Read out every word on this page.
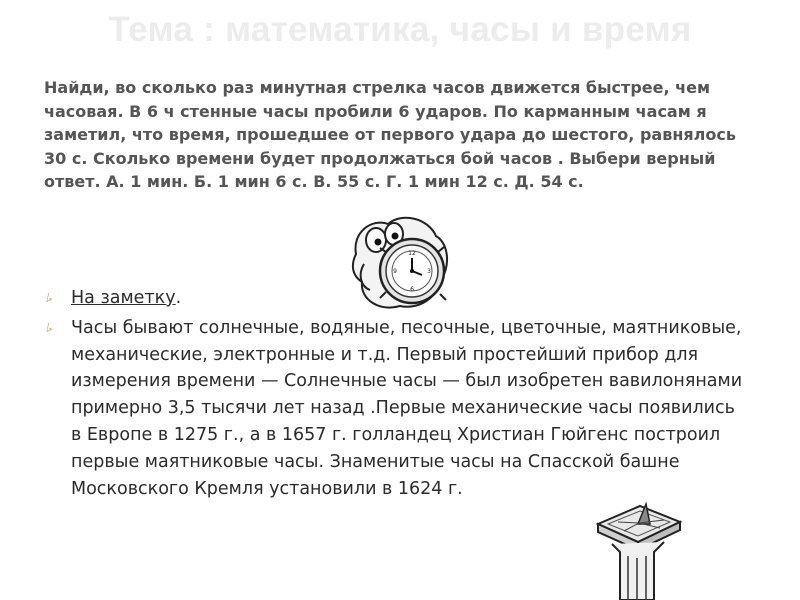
Тема : математика, часы и время

Найди, во сколько раз минутная стрелка часов движется быстрее, чем часовая. В 6 ч стенные часы пробили 6 ударов. По карманным часам я заметил, что время, прошедшее от первого удара до шестого, равнялось 30 с. Сколько времени будет продолжаться бой часов . Выбери верный ответ. А. 1 мин. Б. 1 мин 6 с. В. 55 с. Г. 1 мин 12 с. Д. 54 с.

12
3
6
9
⭞ На заметку.
⭞ Часы бывают солнечные, водяные, песочные, цветочные, маятниковые, механические, электронные и т.д. Первый простейший прибор для измерения времени — Солнечные часы — был изобретен вавилонянами примерно 3,5 тысячи лет назад .Первые механические часы появились в Европе в 1275 г., а в 1657 г. голландец Христиан Гюйгенс построил первые маятниковые часы. Знаменитые часы на Спасской башне Московского Кремля установили в 1624 г.
